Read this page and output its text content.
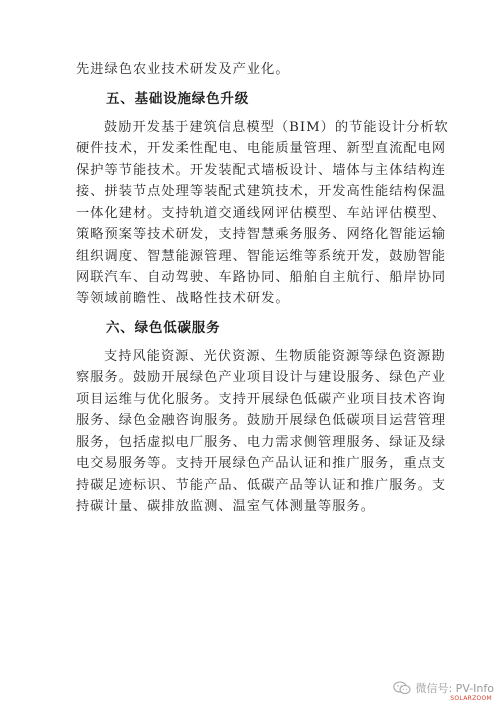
先进绿色农业技术研发及产业化。
五、基础设施绿色升级
鼓励开发基于建筑信息模型（BIM）的节能设计分析软
硬件技术，开发柔性配电、电能质量管理、新型直流配电网
保护等节能技术。开发装配式墙板设计、墙体与主体结构连
接、拼装节点处理等装配式建筑技术，开发高性能结构保温
一体化建材。支持轨道交通线网评估模型、车站评估模型、
策略预案等技术研发，支持智慧乘务服务、网络化智能运输
组织调度、智慧能源管理、智能运维等系统开发，鼓励智能
网联汽车、自动驾驶、车路协同、船舶自主航行、船岸协同
等领域前瞻性、战略性技术研发。
六、绿色低碳服务
支持风能资源、光伏资源、生物质能资源等绿色资源勘
察服务。鼓励开展绿色产业项目设计与建设服务、绿色产业
项目运维与优化服务。支持开展绿色低碳产业项目技术咨询
服务、绿色金融咨询服务。鼓励开展绿色低碳项目运营管理
服务，包括虚拟电厂服务、电力需求侧管理服务、绿证及绿
电交易服务等。支持开展绿色产品认证和推广服务，重点支
持碳足迹标识、节能产品、低碳产品等认证和推广服务。支
持碳计量、碳排放监测、温室气体测量等服务。
微信号: PV-Info
SOLARZOOM
